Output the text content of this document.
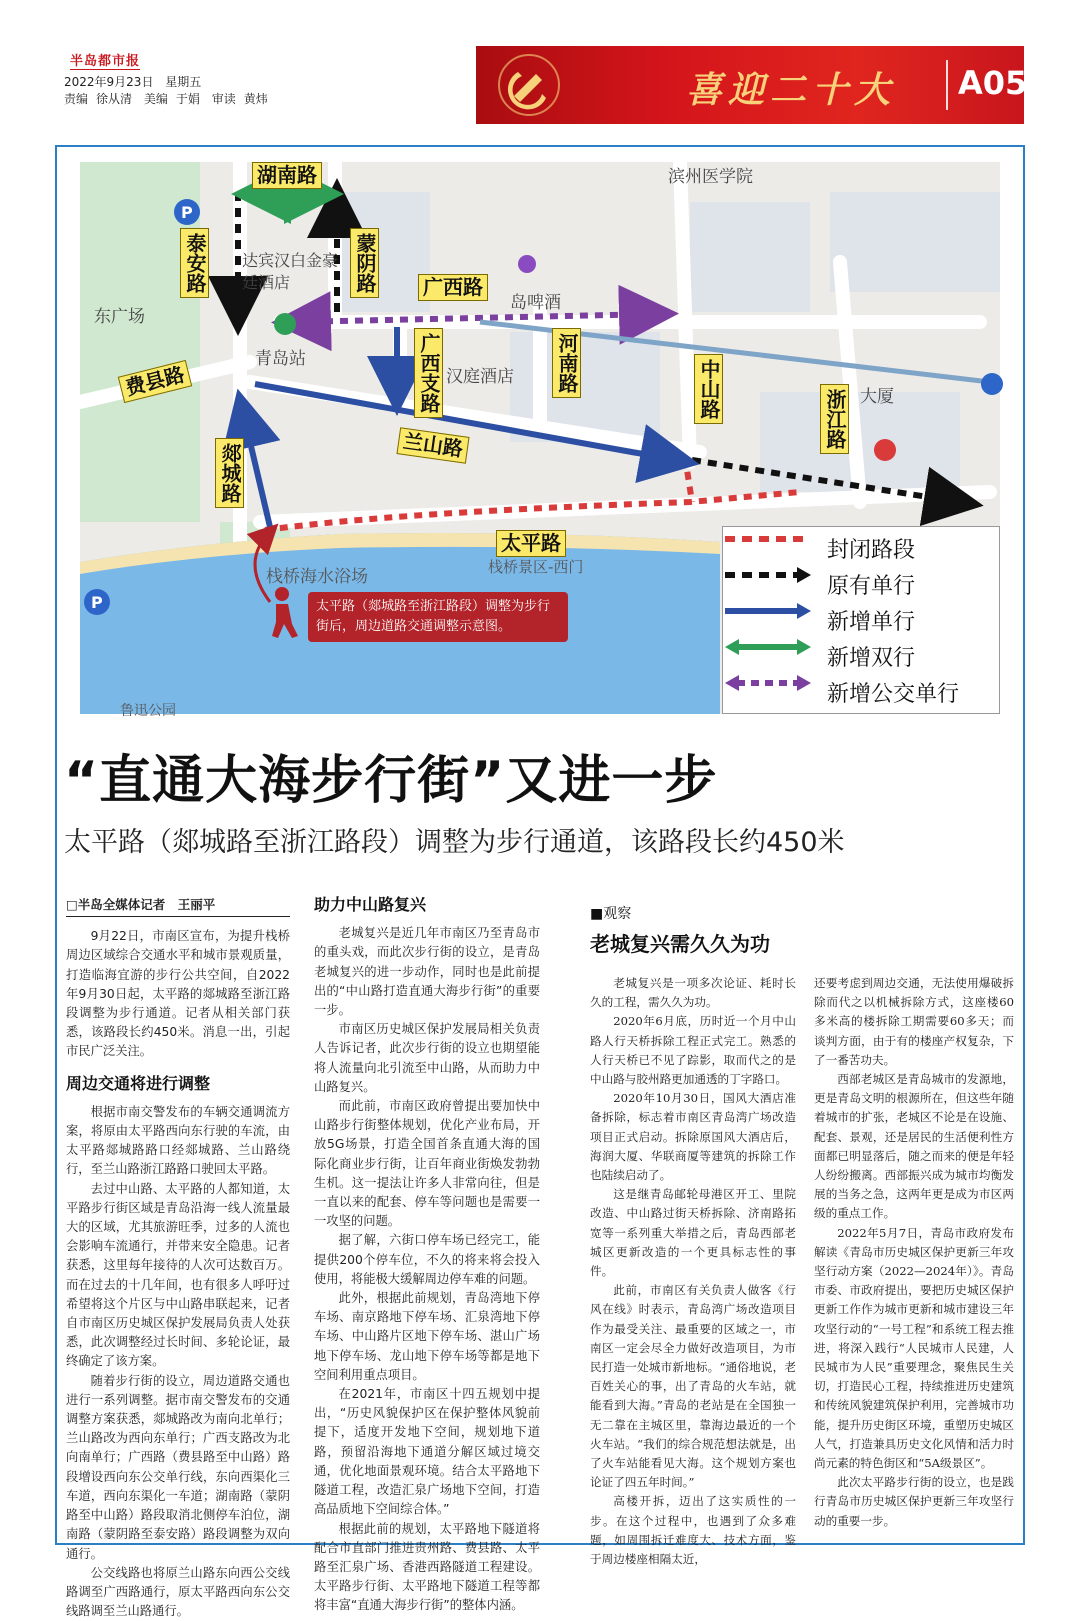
半岛都市报
2022年9月23日 星期五
责编 徐从清 美编 于娟 审读 黄炜	喜迎二十大 A05
P
P
湖南路
泰安路	蒙阴路 广西路
广西支路	河南路	中山路	浙江路
费县路
郯城路	兰山路
太平路
滨州医学院
达宾汉白金豪廷酒店
岛啤酒
东广场
青岛站
汉庭酒店
大厦
栈桥海水浴场	栈桥景区-西门
鲁迅公园
太平路（郯城路至浙江路段）调整为步行街后，周边道路交通调整示意图。
封闭路段
原有单行
新增单行
新增双行
新增公交单行
“直通大海步行街”又进一步
太平路（郯城路至浙江路段）调整为步行通道，该路段长约450米
□半岛全媒体记者　王丽平

9月22日，市南区宣布，为提升栈桥周边区域综合交通水平和城市景观质量，打造临海宜游的步行公共空间，自2022年9月30日起，太平路的郯城路至浙江路段调整为步行通道。记者从相关部门获悉，该路段长约450米。消息一出，引起市民广泛关注。

周边交通将进行调整

根据市南交警发布的车辆交通调流方案，将原由太平路西向东行驶的车流，由太平路郯城路路口经郯城路、兰山路绕行，至兰山路浙江路路口驶回太平路。

去过中山路、太平路的人都知道，太平路步行街区域是青岛沿海一线人流量最大的区域，尤其旅游旺季，过多的人流也会影响车流通行，并带来安全隐患。记者获悉，这里每年接待的人次可达数百万。而在过去的十几年间，也有很多人呼吁过希望将这个片区与中山路串联起来，记者自市南区历史城区保护发展局负责人处获悉，此次调整经过长时间、多轮论证，最终确定了该方案。

随着步行街的设立，周边道路交通也进行一系列调整。据市南交警发布的交通调整方案获悉，郯城路改为南向北单行；兰山路改为西向东单行；广西支路改为北向南单行；广西路（费县路至中山路）路段增设西向东公交单行线，东向西渠化三车道，西向东渠化一车道；湖南路（蒙阴路至中山路）路段取消北侧停车泊位，湖南路（蒙阴路至泰安路）路段调整为双向通行。

公交线路也将原兰山路东向西公交线路调至广西路通行，原太平路西向东公交线路调至兰山路通行。

助力中山路复兴

老城复兴是近几年市南区乃至青岛市的重头戏，而此次步行街的设立，是青岛老城复兴的进一步动作，同时也是此前提出的“中山路打造直通大海步行街”的重要一步。

市南区历史城区保护发展局相关负责人告诉记者，此次步行街的设立也期望能将人流量向北引流至中山路，从而助力中山路复兴。

而此前，市南区政府曾提出要加快中山路步行街整体规划，优化产业布局，开放5G场景，打造全国首条直通大海的国际化商业步行街，让百年商业街焕发勃勃生机。这一提法让许多人非常向往，但是一直以来的配套、停车等问题也是需要一一攻坚的问题。

据了解，六街口停车场已经完工，能提供200个停车位，不久的将来将会投入使用，将能极大缓解周边停车难的问题。

此外，根据此前规划，青岛湾地下停车场、南京路地下停车场、汇泉湾地下停车场、中山路片区地下停车场、湛山广场地下停车场、龙山地下停车场等都是地下空间利用重点项目。

在2021年，市南区十四五规划中提出，“历史风貌保护区在保护整体风貌前提下，适度开发地下空间，规划地下道路，预留沿海地下通道分解区域过境交通，优化地面景观环境。结合太平路地下隧道工程，改造汇泉广场地下空间，打造高品质地下空间综合体。”

根据此前的规划，太平路地下隧道将配合市直部门推进贵州路、费县路、太平路至汇泉广场、香港西路隧道工程建设。太平路步行街、太平路地下隧道工程等都将丰富“直通大海步行街”的整体内涵。

■观察
老城复兴需久久为功

老城复兴是一项多次论证、耗时长久的工程，需久久为功。

2020年6月底，历时近一个月中山路人行天桥拆除工程正式完工。熟悉的人行天桥已不见了踪影，取而代之的是中山路与胶州路更加通透的丁字路口。

2020年10月30日，国风大酒店准备拆除，标志着市南区青岛湾广场改造项目正式启动。拆除原国风大酒店后，海润大厦、华联商厦等建筑的拆除工作也陆续启动了。

这是继青岛邮轮母港区开工、里院改造、中山路过街天桥拆除、济南路拓宽等一系列重大举措之后，青岛西部老城区更新改造的一个更具标志性的事件。

此前，市南区有关负责人做客《行风在线》时表示，青岛湾广场改造项目作为最受关注、最重要的区域之一，市南区一定会尽全力做好改造项目，为市民打造一处城市新地标。“通俗地说，老百姓关心的事，出了青岛的火车站，就能看到大海。”青岛的老站是在全国独一无二靠在主城区里，靠海边最近的一个火车站。“我们的综合规范想法就是，出了火车站能看见大海。这个规划方案也论证了四五年时间。”

高楼开拆，迈出了这实质性的一步。在这个过程中，也遇到了众多难题，如周围拆迁难度大、技术方面，鉴于周边楼座相隔太近，

还要考虑到周边交通，无法使用爆破拆除而代之以机械拆除方式，这座楼60多米高的楼拆除工期需要60多天；而谈判方面，由于有的楼座产权复杂，下了一番苦功夫。

西部老城区是青岛城市的发源地，更是青岛文明的根源所在，但这些年随着城市的扩张，老城区不论是在设施、配套、景观，还是居民的生活便利性方面都已明显落后，随之而来的便是年轻人纷纷搬离。西部振兴成为城市均衡发展的当务之急，这两年更是成为市区两级的重点工作。

2022年5月7日，青岛市政府发布解读《青岛市历史城区保护更新三年攻坚行动方案（2022—2024年）》。青岛市委、市政府提出，要把历史城区保护更新工作作为城市更新和城市建设三年攻坚行动的“一号工程”和系统工程去推进，将深入践行“人民城市人民建，人民城市为人民”重要理念，聚焦民生关切，打造民心工程，持续推进历史建筑和传统风貌建筑保护利用，完善城市功能，提升历史街区环境，重塑历史城区人气，打造兼具历史文化风情和活力时尚元素的特色街区和“5A级景区”。

此次太平路步行街的设立，也是践行青岛市历史城区保护更新三年攻坚行动的重要一步。
